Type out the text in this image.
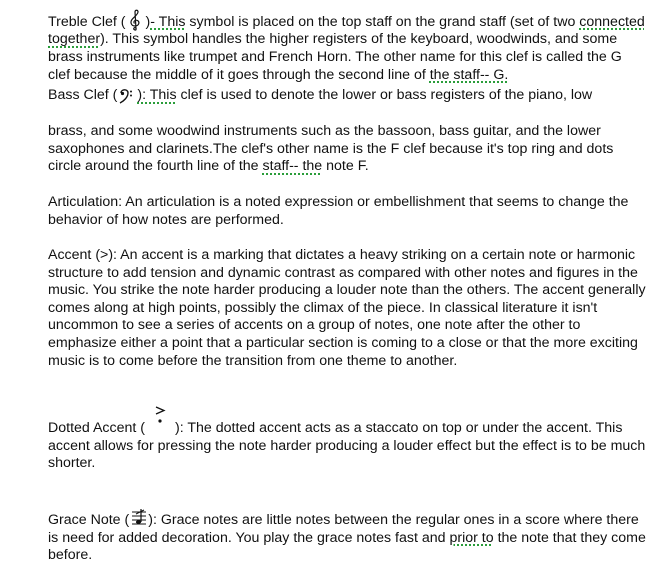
Treble Clef ( )- This symbol is placed on the top staff on the grand staff (set of two connected together). This symbol handles the higher registers of the keyboard, woodwinds, and some brass instruments like trumpet and French Horn. The other name for this clef is called the G clef because the middle of it goes through the second line of the staff-- G.

Bass Clef ( ): This clef is used to denote the lower or bass registers of the piano, low

brass, and some woodwind instruments such as the bassoon, bass guitar, and the lower saxophones and clarinets.The clef's other name is the F clef because it's top ring and dots circle around the fourth line of the staff-- the note F.

Articulation: An articulation is a noted expression or embellishment that seems to change the behavior of how notes are performed.

Accent (>): An accent is a marking that dictates a heavy striking on a certain note or harmonic structure to add tension and dynamic contrast as compared with other notes and figures in the music. You strike the note harder producing a louder note than the others. The accent generally comes along at high points, possibly the climax of the piece. In classical literature it isn't uncommon to see a series of accents on a group of notes, one note after the other to emphasize either a point that a particular section is coming to a close or that the more exciting music is to come before the transition from one theme to another.

Dotted Accent ( ): The dotted accent acts as a staccato on top or under the accent. This accent allows for pressing the note harder producing a louder effect but the effect is to be much shorter.

Grace Note ( ): Grace notes are little notes between the regular ones in a score where there is need for added decoration. You play the grace notes fast and prior to the note that they come before.
